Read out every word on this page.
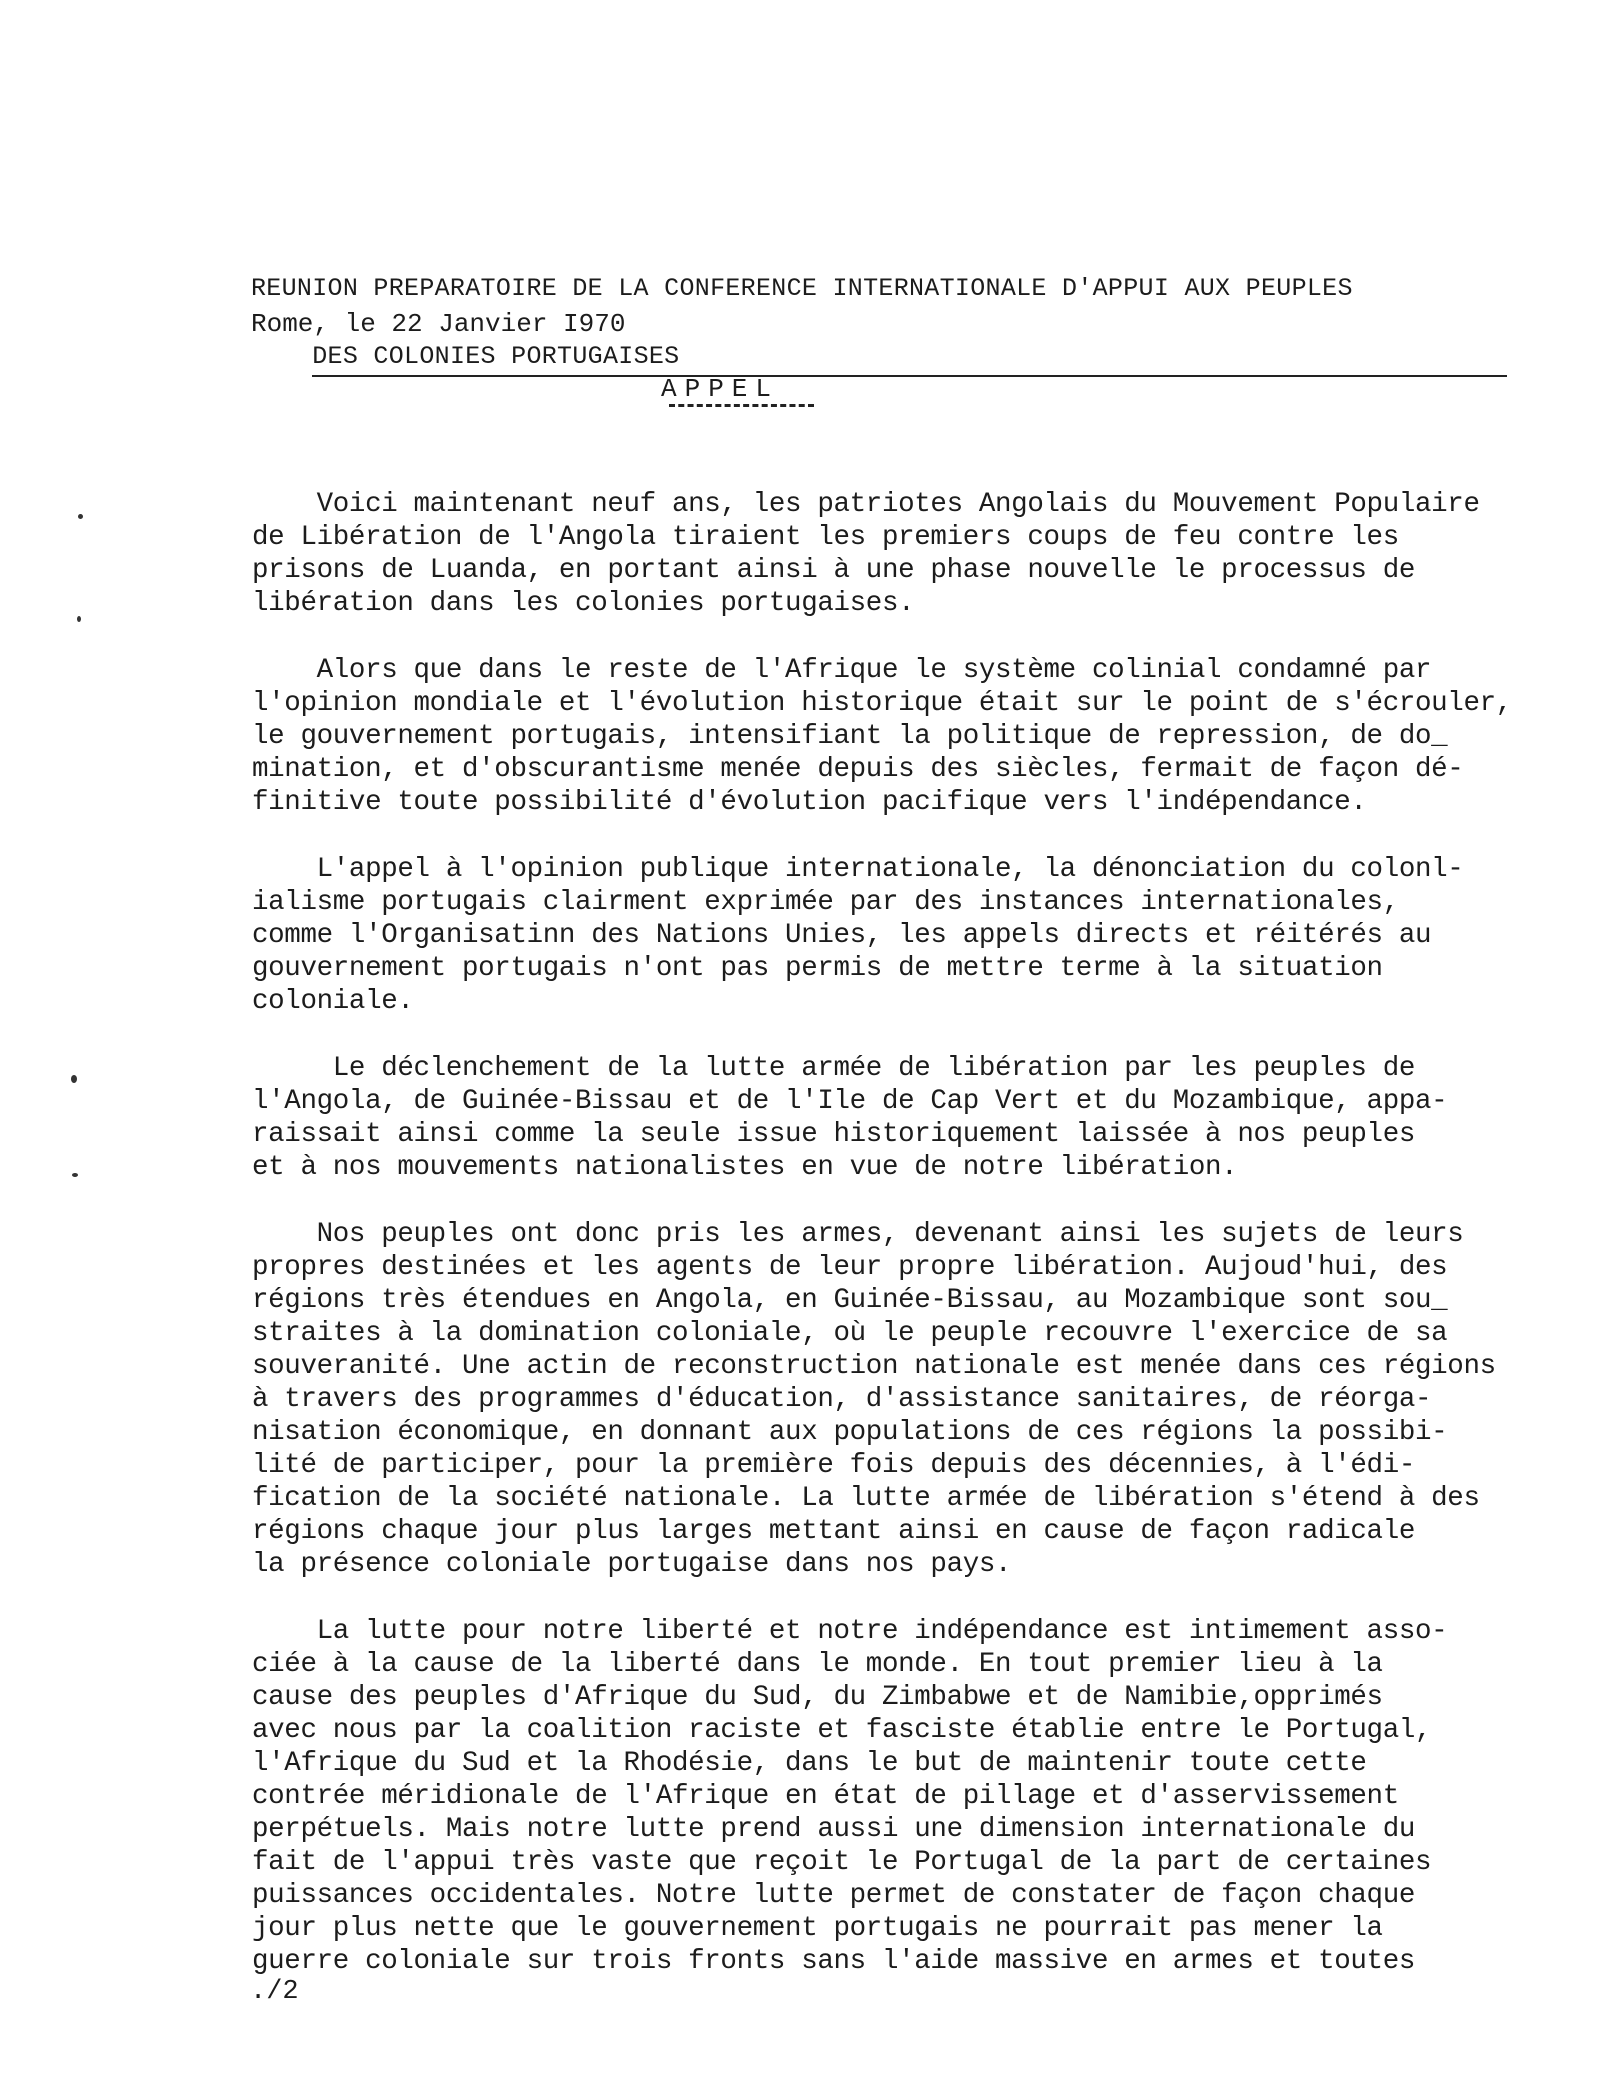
REUNION PREPARATOIRE DE LA CONFERENCE INTERNATIONALE D'APPUI AUX PEUPLES

DES COLONIES PORTUGAISES

Rome, le 22 Janvier I970
APPEL
Voici maintenant neuf ans, les patriotes Angolais du Mouvement Populaire
de Libération de l'Angola tiraient les premiers coups de feu contre les
prisons de Luanda, en portant ainsi à une phase nouvelle le processus de
libération dans les colonies portugaises.
Alors que dans le reste de l'Afrique le système colinial condamné par
l'opinion mondiale et l'évolution historique était sur le point de s'écrouler,
le gouvernement portugais, intensifiant la politique de repression, de do_
mination, et d'obscurantisme menée depuis des siècles, fermait de façon dé-
finitive toute possibilité d'évolution pacifique vers l'indépendance.
L'appel à l'opinion publique internationale, la dénonciation du colonl-
ialisme portugais clairment exprimée par des instances internationales,
comme l'Organisatinn des Nations Unies, les appels directs et réitérés au
gouvernement portugais n'ont pas permis de mettre terme à la situation
coloniale.
Le déclenchement de la lutte armée de libération par les peuples de
l'Angola, de Guinée-Bissau et de l'Ile de Cap Vert et du Mozambique, appa-
raissait ainsi comme la seule issue historiquement laissée à nos peuples
et à nos mouvements nationalistes en vue de notre libération.
Nos peuples ont donc pris les armes, devenant ainsi les sujets de leurs
propres destinées et les agents de leur propre libération. Aujoud'hui, des
régions très étendues en Angola, en Guinée-Bissau, au Mozambique sont sou_
straites à la domination coloniale, où le peuple recouvre l'exercice de sa
souveranité. Une actin de reconstruction nationale est menée dans ces régions
à travers des programmes d'éducation, d'assistance sanitaires, de réorga-
nisation économique, en donnant aux populations de ces régions la possibi-
lité de participer, pour la première fois depuis des décennies, à l'édi-
fication de la société nationale. La lutte armée de libération s'étend à des
régions chaque jour plus larges mettant ainsi en cause de façon radicale
la présence coloniale portugaise dans nos pays.
La lutte pour notre liberté et notre indépendance est intimement asso-
ciée à la cause de la liberté dans le monde. En tout premier lieu à la
cause des peuples d'Afrique du Sud, du Zimbabwe et de Namibie,opprimés
avec nous par la coalition raciste et fasciste établie entre le Portugal,
l'Afrique du Sud et la Rhodésie, dans le but de maintenir toute cette
contrée méridionale de l'Afrique en état de pillage et d'asservissement
perpétuels. Mais notre lutte prend aussi une dimension internationale du
fait de l'appui très vaste que reçoit le Portugal de la part de certaines
puissances occidentales. Notre lutte permet de constater de façon chaque
jour plus nette que le gouvernement portugais ne pourrait pas mener la
guerre coloniale sur trois fronts sans l'aide massive en armes et toutes
./2
